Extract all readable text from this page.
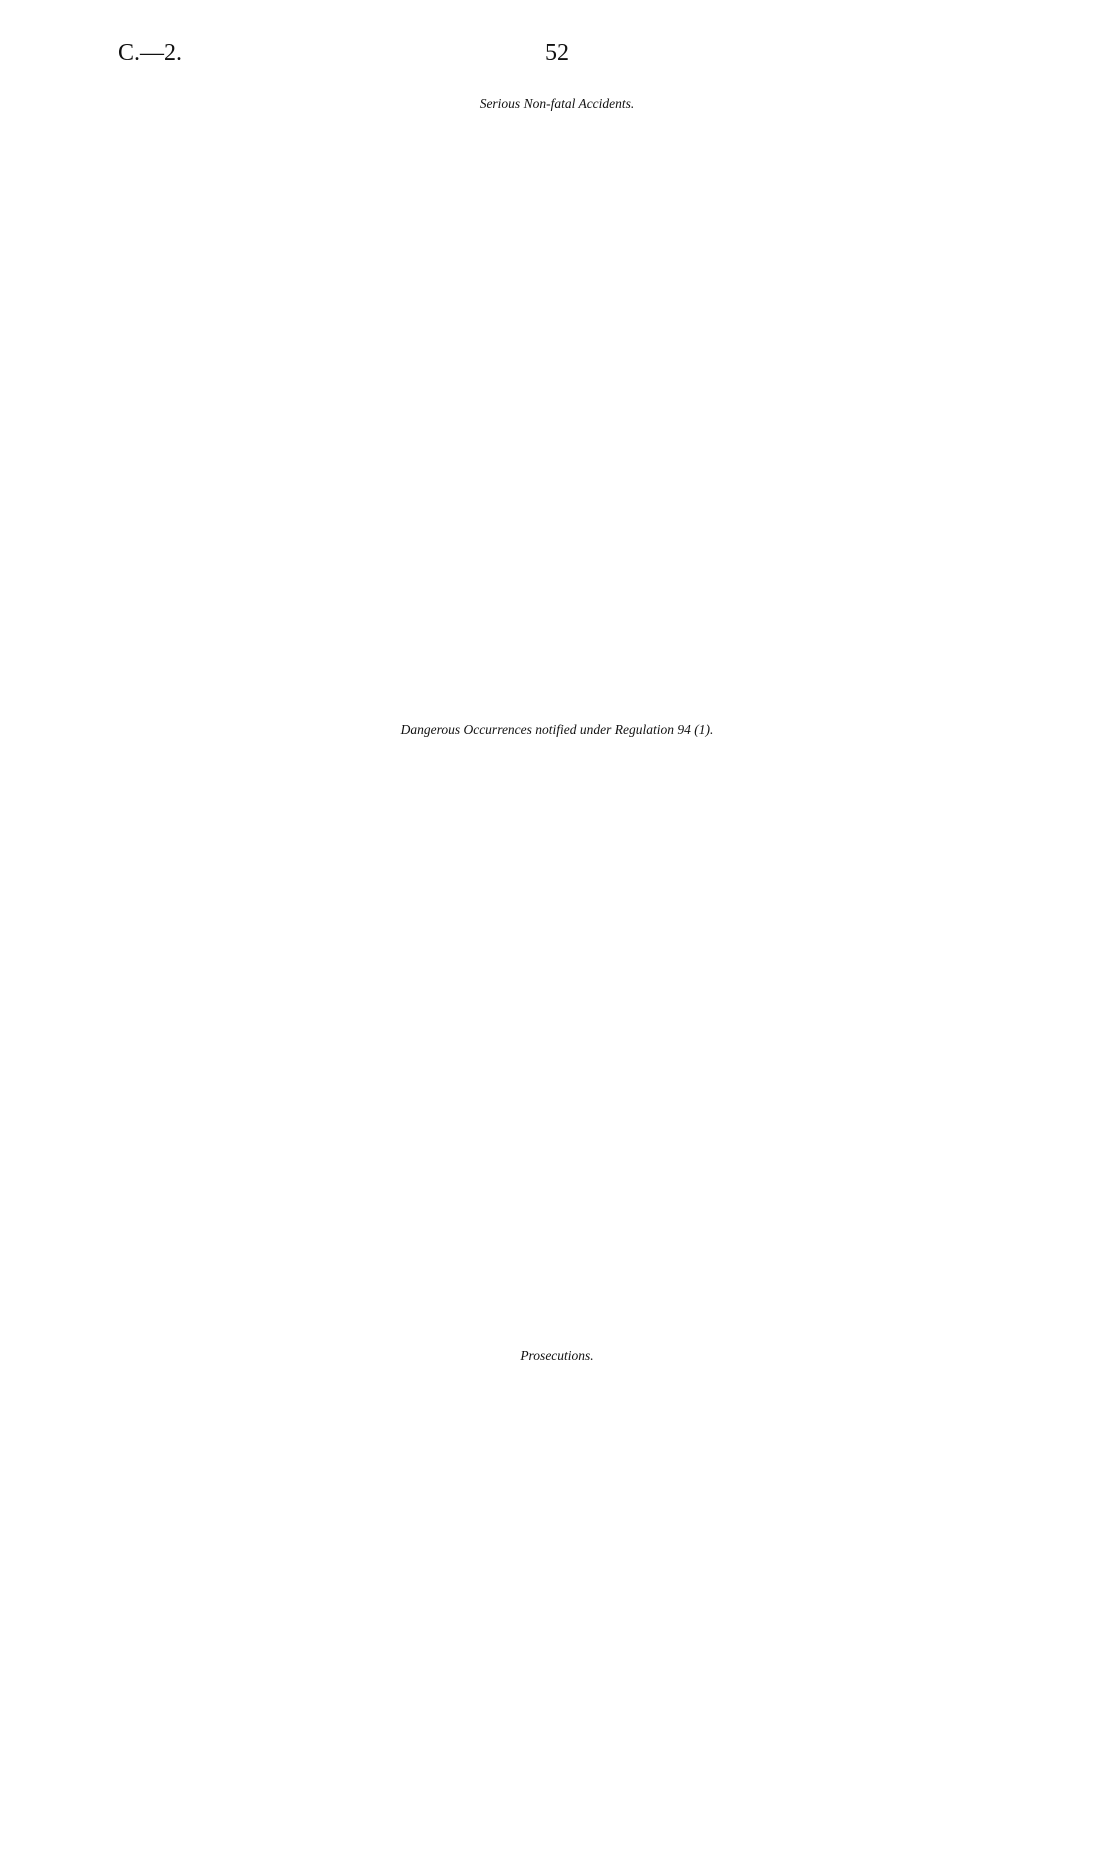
C.—2.	52
Serious Non-fatal Accidents.
Dangerous Occurrences notified under Regulation 94 (1).
Prosecutions.
